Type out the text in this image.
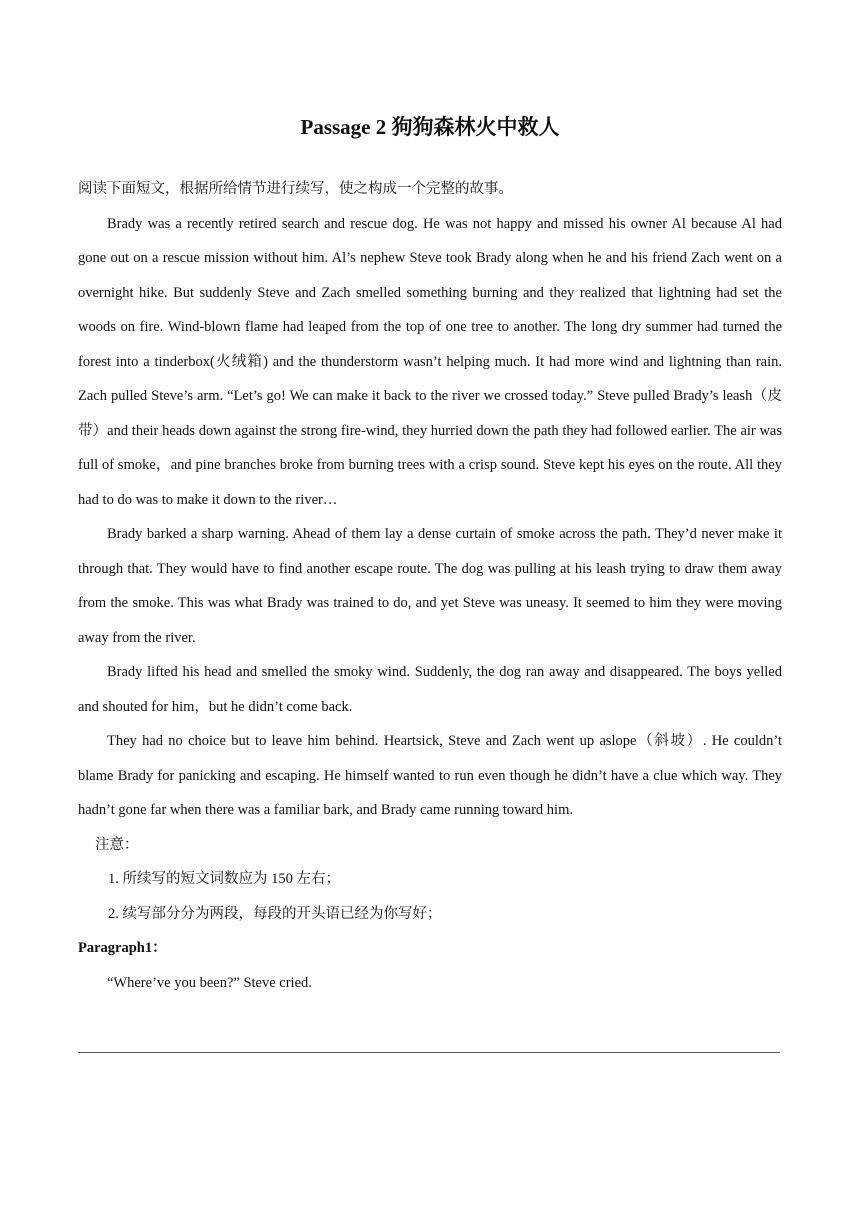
Passage 2 狗狗森林火中救人

阅读下面短文，根据所给情节进行续写，使之构成一个完整的故事。

Brady was a recently retired search and rescue dog. He was not happy and missed his owner Al because Al had gone out on a rescue mission without him. Al’s nephew Steve took Brady along when he and his friend Zach went on a overnight hike. But suddenly Steve and Zach smelled something burning and they realized that lightning had set the woods on fire. Wind-blown flame had leaped from the top of one tree to another. The long dry summer had turned the forest into a tinderbox(火绒箱) and the thunderstorm wasn’t helping much. It had more wind and lightning than rain. Zach pulled Steve’s arm. “Let’s go! We can make it back to the river we crossed today.” Steve pulled Brady’s leash（皮带）and their heads down against the strong fire-wind, they hurried down the path they had followed earlier. The air was full of smoke，and pine branches broke from burning trees with a crisp sound. Steve kept his eyes on the route. All they had to do was to make it down to the river…

Brady barked a sharp warning. Ahead of them lay a dense curtain of smoke across the path. They’d never make it through that. They would have to find another escape route. The dog was pulling at his leash trying to draw them away from the smoke. This was what Brady was trained to do, and yet Steve was uneasy. It seemed to him they were moving away from the river.

Brady lifted his head and smelled the smoky wind. Suddenly, the dog ran away and disappeared. The boys yelled and shouted for him，but he didn’t come back.

They had no choice but to leave him behind. Heartsick, Steve and Zach went up aslope（斜坡）. He couldn’t blame Brady for panicking and escaping. He himself wanted to run even though he didn’t have a clue which way. They hadn’t gone far when there was a familiar bark, and Brady came running toward him.

注意：

1. 所续写的短文词数应为 150 左右；

2. 续写部分分为两段，每段的开头语已经为你写好；

Paragraph1：

“Where’ve you been?” Steve cried.
